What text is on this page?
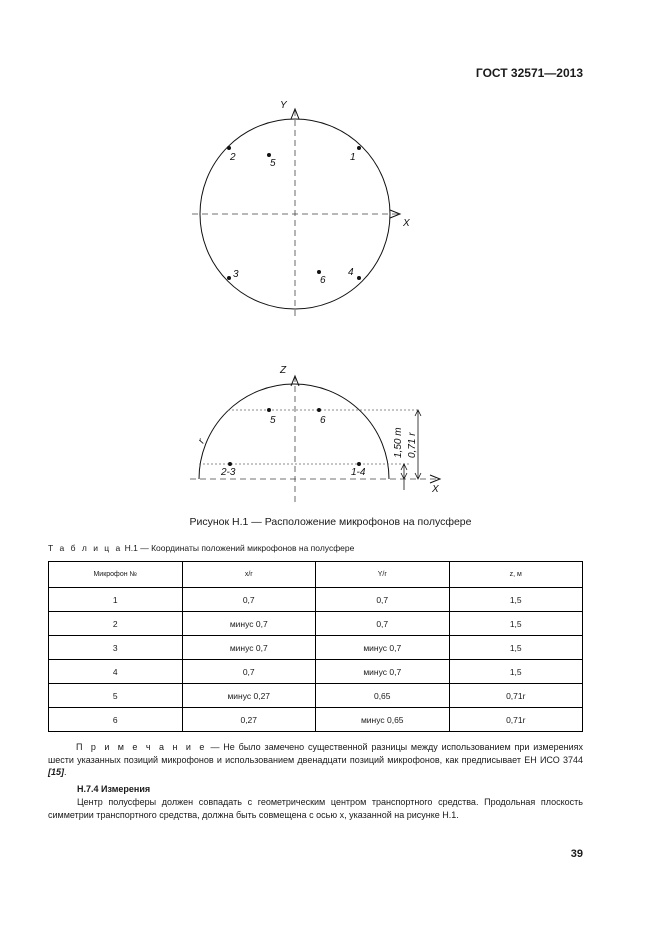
ГОСТ 32571—2013
Y
X
1
2
3	4
5
6
Z
X
1,50 m 0,71 r
r
5	6
2-3	1-4
Рисунок Н.1 — Расположение микрофонов на полусфере
Т а б л и ц а Н.1 — Координаты положений микрофонов на полусфере
Микрофон №	x/r	Y/r	z, м
1	0,7	0,7	1,5
2	минус 0,7	0,7	1,5
3	минус 0,7	минус 0,7	1,5
4	0,7	минус 0,7	1,5
5	минус 0,27	0,65	0,71r
6	0,27	минус 0,65	0,71r
П р и м е ч а н и е — Не было замечено существенной разницы между использованием при измерениях шести указанных позиций микрофонов и использованием двенадцати позиций микрофонов, как предписывает ЕН ИСО 3744 [15].
Н.7.4 Измерения
Центр полусферы должен совпадать с геометрическим центром транспортного средства. Продольная плоскость симметрии транспортного средства, должна быть совмещена с осью x, указанной на рисунке Н.1.
39
